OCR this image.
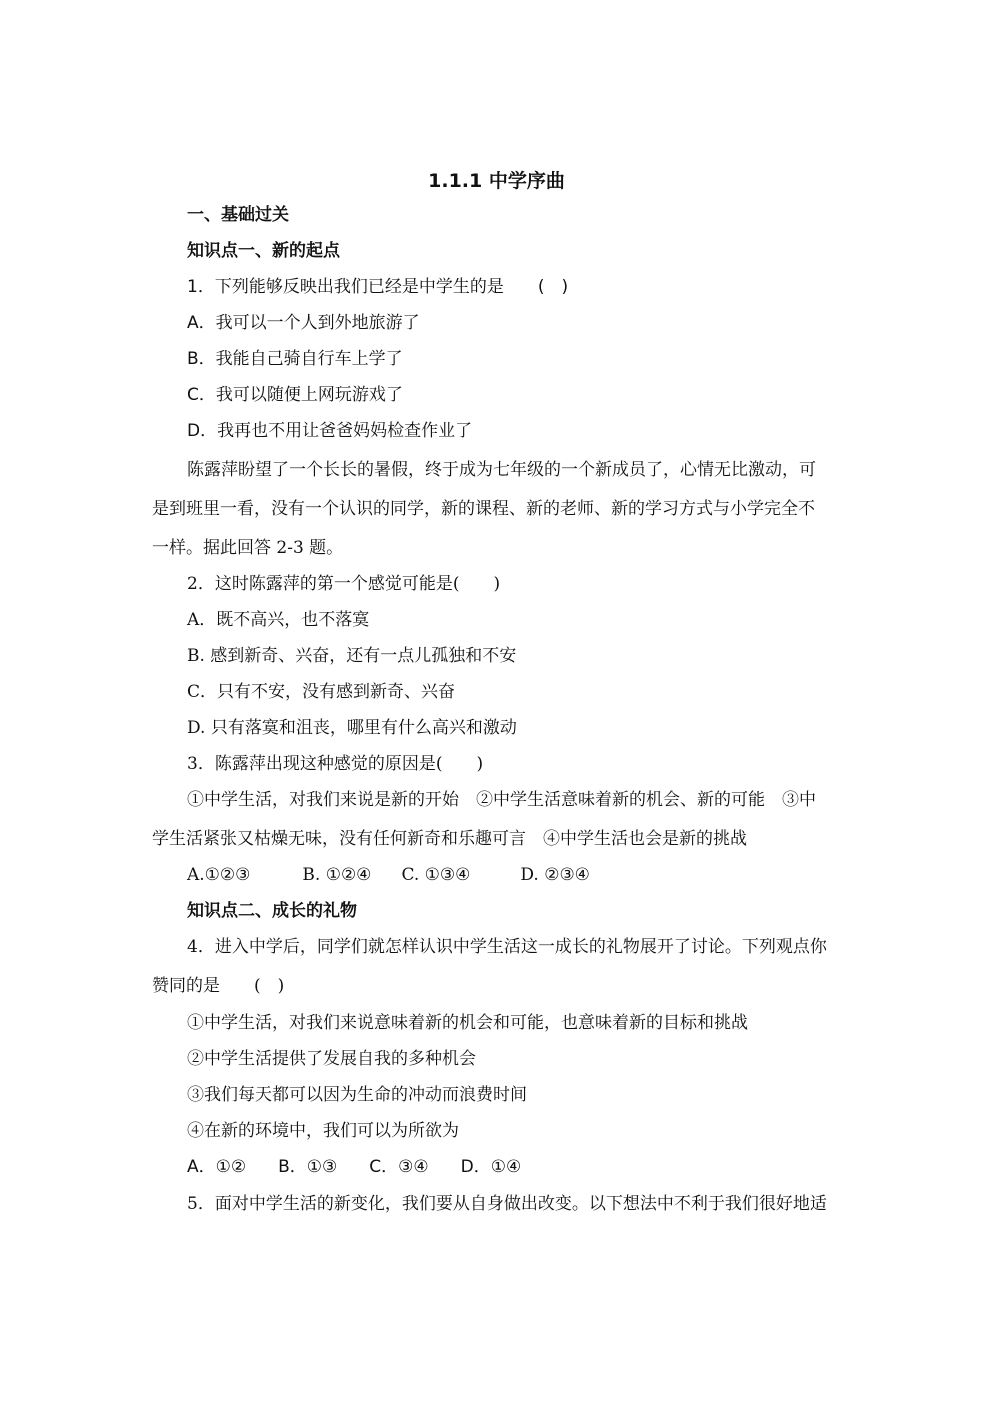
1.1.1 中学序曲

一、基础过关

知识点一、新的起点

1．下列能够反映出我们已经是中学生的是　　(　)

A．我可以一个人到外地旅游了

B．我能自己骑自行车上学了

C．我可以随便上网玩游戏了

D．我再也不用让爸爸妈妈检查作业了

陈露萍盼望了一个长长的暑假，终于成为七年级的一个新成员了，心情无比激动，可

是到班里一看，没有一个认识的同学，新的课程、新的老师、新的学习方式与小学完全不

一样。据此回答 2-3 题。

2．这时陈露萍的第一个感觉可能是(　　)

A．既不高兴，也不落寞

B. 感到新奇、兴奋，还有一点儿孤独和不安

C．只有不安，没有感到新奇、兴奋

D. 只有落寞和沮丧，哪里有什么高兴和激动

3．陈露萍出现这种感觉的原因是(　　)

①中学生活，对我们来说是新的开始　②中学生活意味着新的机会、新的可能　③中

学生活紧张又枯燥无味，没有任何新奇和乐趣可言　④中学生活也会是新的挑战

A.①②③	B. ①②④ C. ①③④	D. ②③④

知识点二、成长的礼物

4．进入中学后，同学们就怎样认识中学生活这一成长的礼物展开了讨论。下列观点你

赞同的是　　(　)

①中学生活，对我们来说意味着新的机会和可能，也意味着新的目标和挑战

②中学生活提供了发展自我的多种机会

③我们每天都可以因为生命的冲动而浪费时间

④在新的环境中，我们可以为所欲为

A．①② B．①③ C．③④ D．①④

5．面对中学生活的新变化，我们要从自身做出改变。以下想法中不利于我们很好地适
